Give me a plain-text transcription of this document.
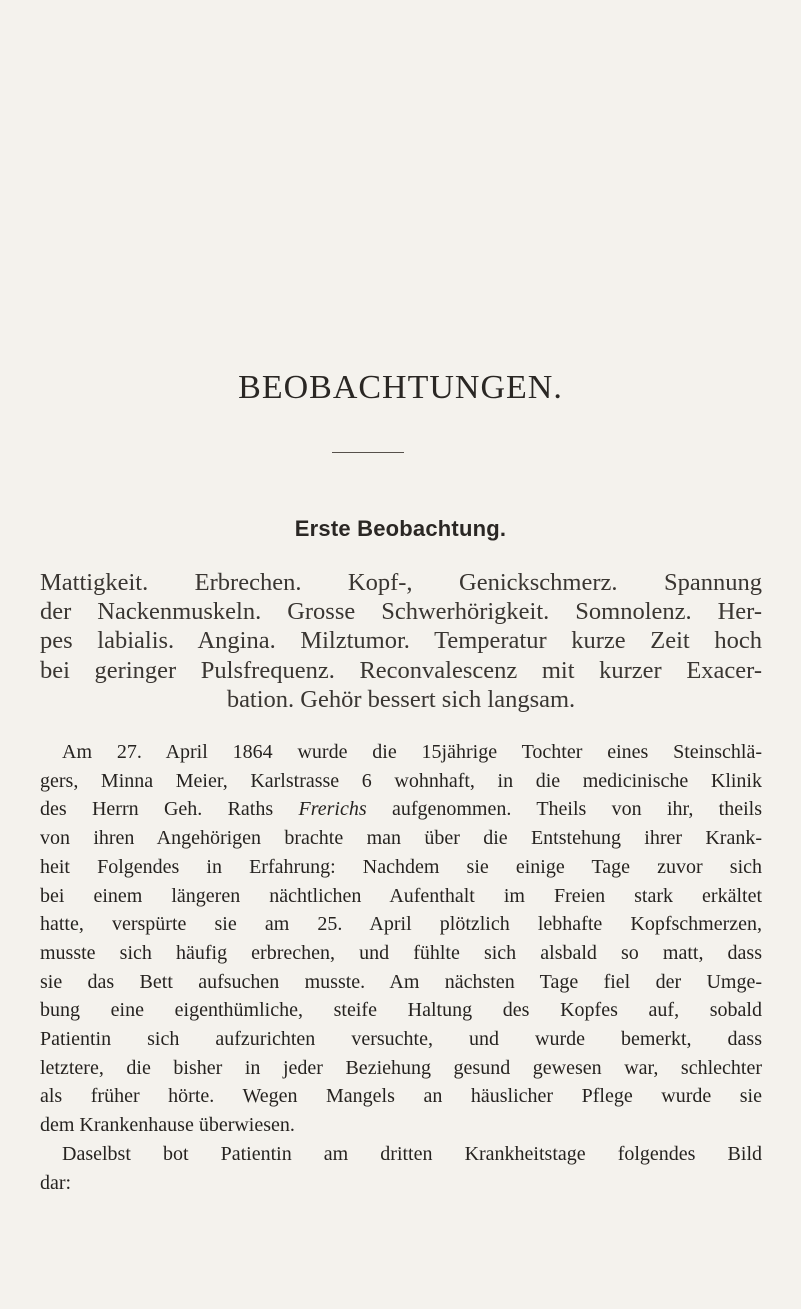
BEOBACHTUNGEN.
Erste Beobachtung.
Mattigkeit. Erbrechen. Kopf-, Genickschmerz. Spannung
der Nackenmuskeln. Grosse Schwerhörigkeit. Somnolenz. Her-
pes labialis. Angina. Milztumor. Temperatur kurze Zeit hoch
bei geringer Pulsfrequenz. Reconvalescenz mit kurzer Exacer-
bation. Gehör bessert sich langsam.
Am 27. April 1864 wurde die 15jährige Tochter eines Steinschlä-
gers, Minna Meier, Karlstrasse 6 wohnhaft, in die medicinische Klinik
des Herrn Geh. Raths Frerichs aufgenommen. Theils von ihr, theils
von ihren Angehörigen brachte man über die Entstehung ihrer Krank-
heit Folgendes in Erfahrung: Nachdem sie einige Tage zuvor sich
bei einem längeren nächtlichen Aufenthalt im Freien stark erkältet
hatte, verspürte sie am 25. April plötzlich lebhafte Kopfschmerzen,
musste sich häufig erbrechen, und fühlte sich alsbald so matt, dass
sie das Bett aufsuchen musste. Am nächsten Tage fiel der Umge-
bung eine eigenthümliche, steife Haltung des Kopfes auf, sobald
Patientin sich aufzurichten versuchte, und wurde bemerkt, dass
letztere, die bisher in jeder Beziehung gesund gewesen war, schlechter
als früher hörte. Wegen Mangels an häuslicher Pflege wurde sie
dem Krankenhause überwiesen.
Daselbst bot Patientin am dritten Krankheitstage folgendes Bild
dar:
